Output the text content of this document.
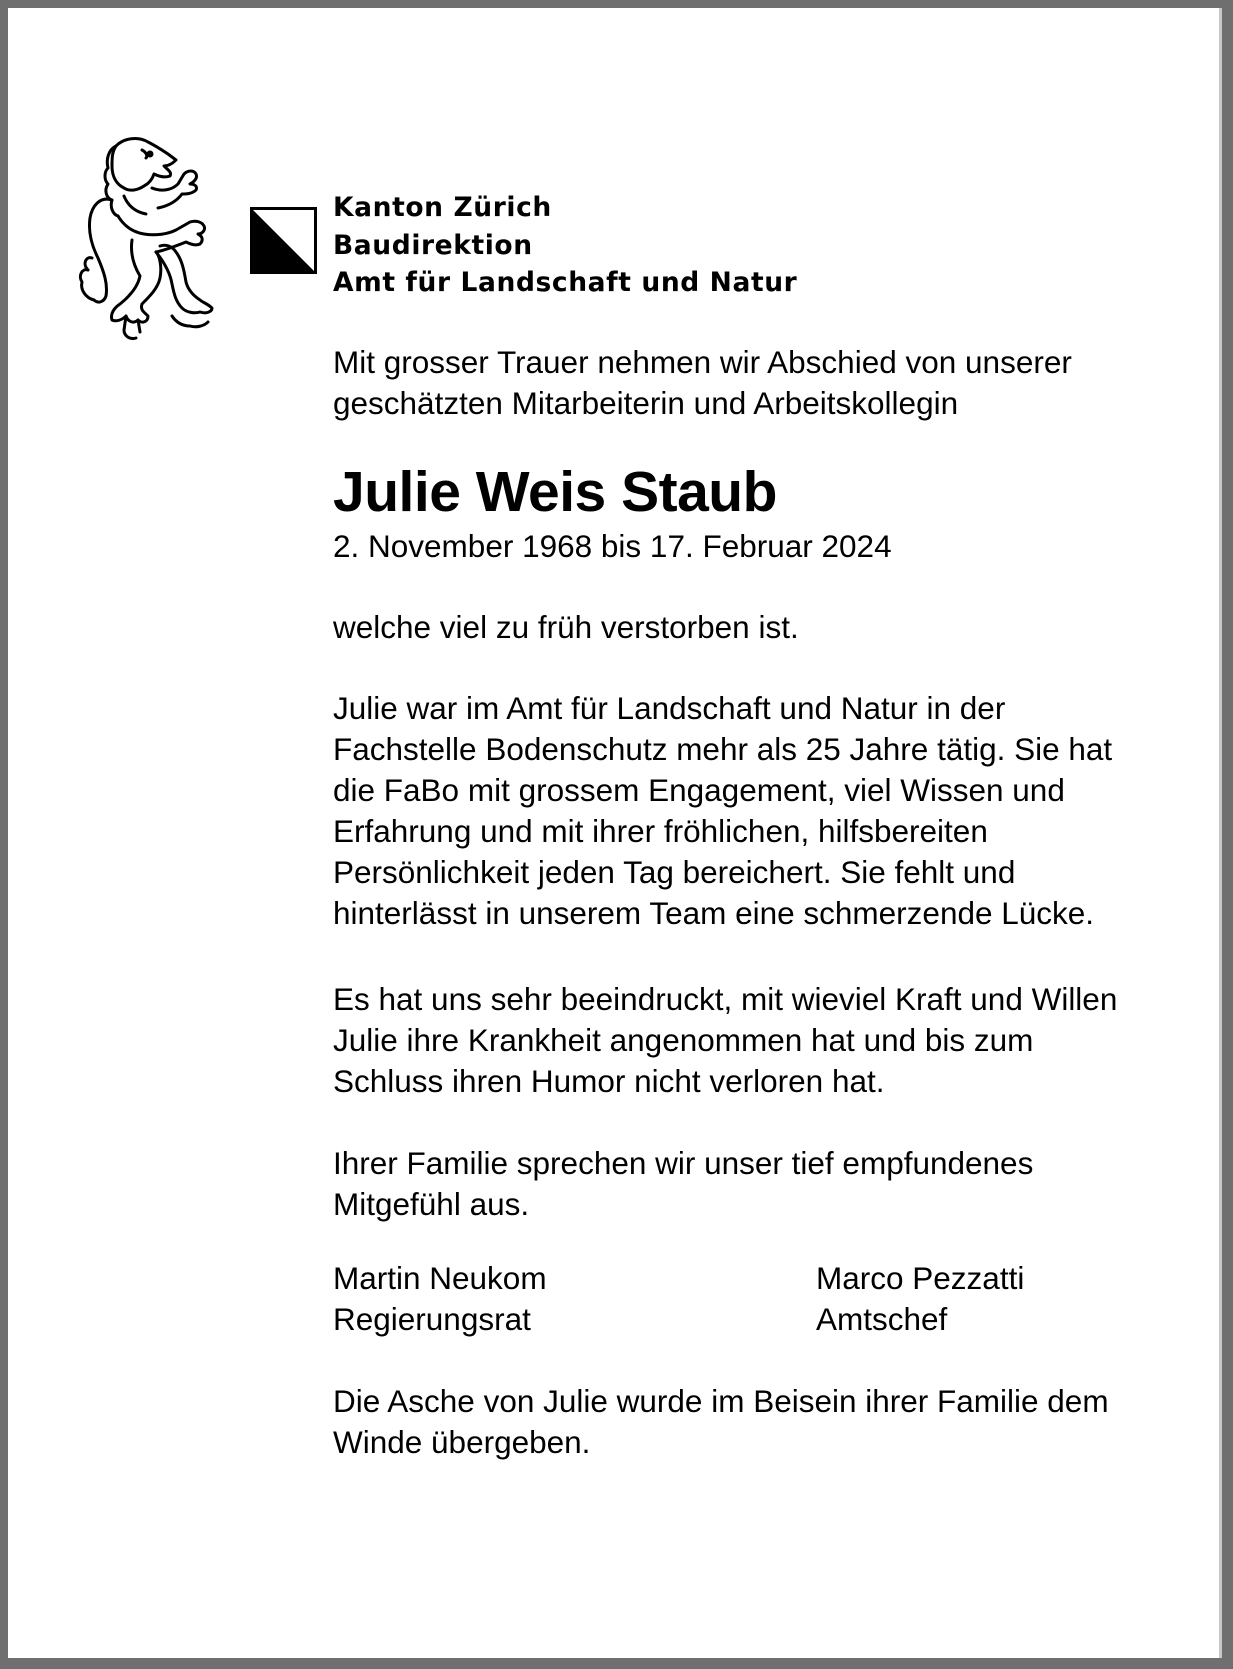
Kanton Zürich
Baudirektion
Amt für Landschaft und Natur

Mit grosser Trauer nehmen wir Abschied von unserer

geschätzten Mitarbeiterin und Arbeitskollegin

Julie Weis Staub

2. November 1968 bis 17. Februar 2024

welche viel zu früh verstorben ist.

Julie war im Amt für Landschaft und Natur in der

Fachstelle Bodenschutz mehr als 25 Jahre tätig. Sie hat

die FaBo mit grossem Engagement, viel Wissen und

Erfahrung und mit ihrer fröhlichen, hilfsbereiten

Persönlichkeit jeden Tag bereichert. Sie fehlt und

hinterlässt in unserem Team eine schmerzende Lücke.

Es hat uns sehr beeindruckt, mit wieviel Kraft und Willen

Julie ihre Krankheit angenommen hat und bis zum

Schluss ihren Humor nicht verloren hat.

Ihrer Familie sprechen wir unser tief empfundenes

Mitgefühl aus.

Martin Neukom
Regierungsrat
Marco Pezzatti
Amtschef

Die Asche von Julie wurde im Beisein ihrer Familie dem

Winde übergeben.
